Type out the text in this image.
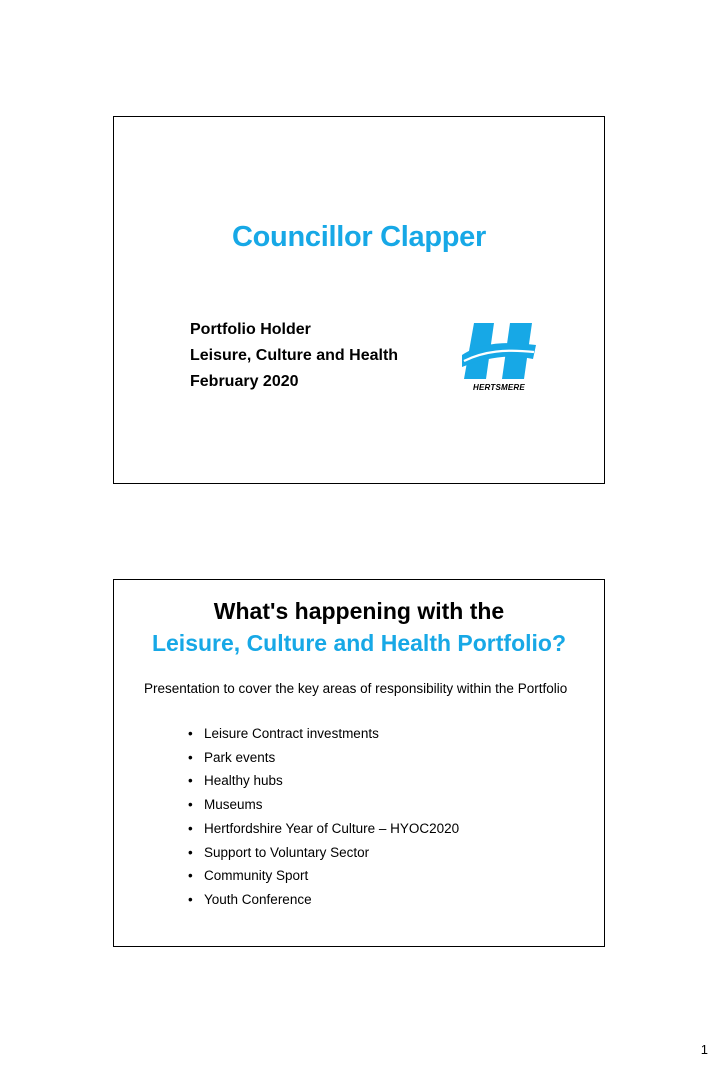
Councillor Clapper
Portfolio Holder
Leisure, Culture and Health
February 2020	HERTSMERE
What's happening with the
Leisure, Culture and Health Portfolio?
Presentation to cover the key areas of responsibility within the Portfolio
• Leisure Contract investments
• Park events
• Healthy hubs
• Museums
• Hertfordshire Year of Culture – HYOC2020
• Support to Voluntary Sector
• Community Sport
• Youth Conference
1
